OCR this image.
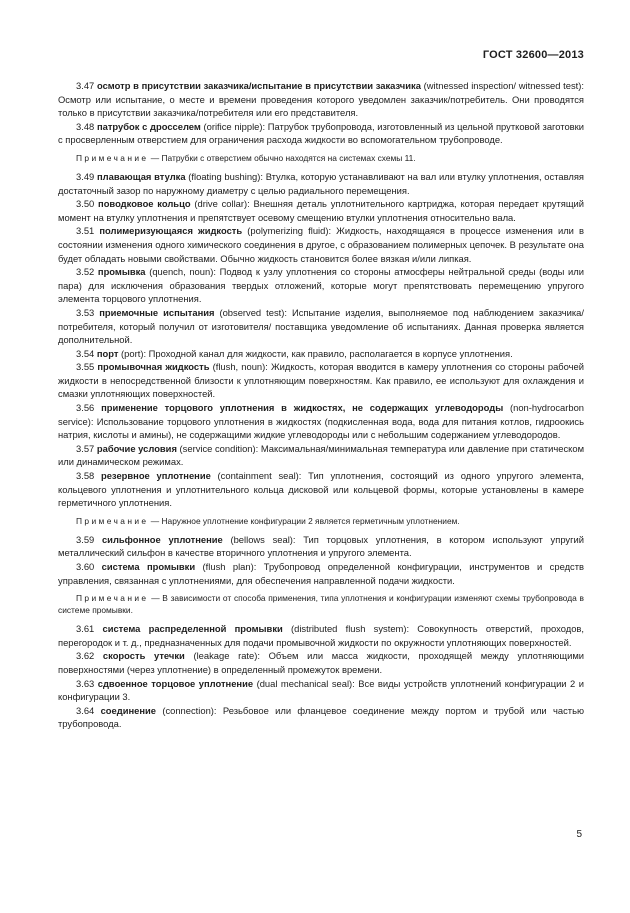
ГОСТ 32600—2013

3.47 осмотр в присутствии заказчика/испытание в присутствии заказчика (witnessed inspection/ witnessed test): Осмотр или испытание, о месте и времени проведения которого уведомлен заказчик/потребитель. Они проводятся только в присутствии заказчика/потребителя или его представителя.

3.48 патрубок с дросселем (orifice nipple): Патрубок трубопровода, изготовленный из цельной прутковой заготовки с просверленным отверстием для ограничения расхода жидкости во вспомогательном трубопроводе.

Примечание — Патрубки с отверстием обычно находятся на системах схемы 11.

3.49 плавающая втулка (floating bushing): Втулка, которую устанавливают на вал или втулку уплотнения, оставляя достаточный зазор по наружному диаметру с целью радиального перемещения.

3.50 поводковое кольцо (drive collar): Внешняя деталь уплотнительного картриджа, которая передает крутящий момент на втулку уплотнения и препятствует осевому смещению втулки уплотнения относительно вала.

3.51 полимеризующаяся жидкость (polymerizing fluid): Жидкость, находящаяся в процессе изменения или в состоянии изменения одного химического соединения в другое, с образованием полимерных цепочек. В результате она будет обладать новыми свойствами. Обычно жидкость становится более вязкая и/или липкая.

3.52 промывка (quench, noun): Подвод к узлу уплотнения со стороны атмосферы нейтральной среды (воды или пара) для исключения образования твердых отложений, которые могут препятствовать перемещению упругого элемента торцового уплотнения.

3.53 приемочные испытания (observed test): Испытание изделия, выполняемое под наблюдением заказчика/потребителя, который получил от изготовителя/ поставщика уведомление об испытаниях. Данная проверка является дополнительной.

3.54 порт (port): Проходной канал для жидкости, как правило, располагается в корпусе уплотнения.

3.55 промывочная жидкость (flush, noun): Жидкость, которая вводится в камеру уплотнения со стороны рабочей жидкости в непосредственной близости к уплотняющим поверхностям. Как правило, ее используют для охлаждения и смазки уплотняющих поверхностей.

3.56 применение торцового уплотнения в жидкостях, не содержащих углеводороды (non-hydrocarbon service): Использование торцового уплотнения в жидкостях (подкисленная вода, вода для питания котлов, гидроокись натрия, кислоты и амины), не содержащими жидкие углеводороды или с небольшим содержанием углеводородов.

3.57 рабочие условия (service condition): Максимальная/минимальная температура или давление при статическом или динамическом режимах.

3.58 резервное уплотнение (containment seal): Тип уплотнения, состоящий из одного упругого элемента, кольцевого уплотнения и уплотнительного кольца дисковой или кольцевой формы, которые установлены в камере герметичного уплотнения.

Примечание — Наружное уплотнение конфигурации 2 является герметичным уплотнением.

3.59 сильфонное уплотнение (bellows seal): Тип торцовых уплотнения, в котором используют упругий металлический сильфон в качестве вторичного уплотнения и упругого элемента.

3.60 система промывки (flush plan): Трубопровод определенной конфигурации, инструментов и средств управления, связанная с уплотнениями, для обеспечения направленной подачи жидкости.

Примечание — В зависимости от способа применения, типа уплотнения и конфигурации изменяют схемы трубопровода в системе промывки.

3.61 система распределенной промывки (distributed flush system): Совокупность отверстий, проходов, перегородок и т. д., предназначенных для подачи промывочной жидкости по окружности уплотняющих поверхностей.

3.62 скорость утечки (leakage rate): Объем или масса жидкости, проходящей между уплотняющими поверхностями (через уплотнение) в определенный промежуток времени.

3.63 сдвоенное торцовое уплотнение (dual mechanical seal): Все виды устройств уплотнений конфигурации 2 и конфигурации 3.

3.64 соединение (connection): Резьбовое или фланцевое соединение между портом и трубой или частью трубопровода.

5
